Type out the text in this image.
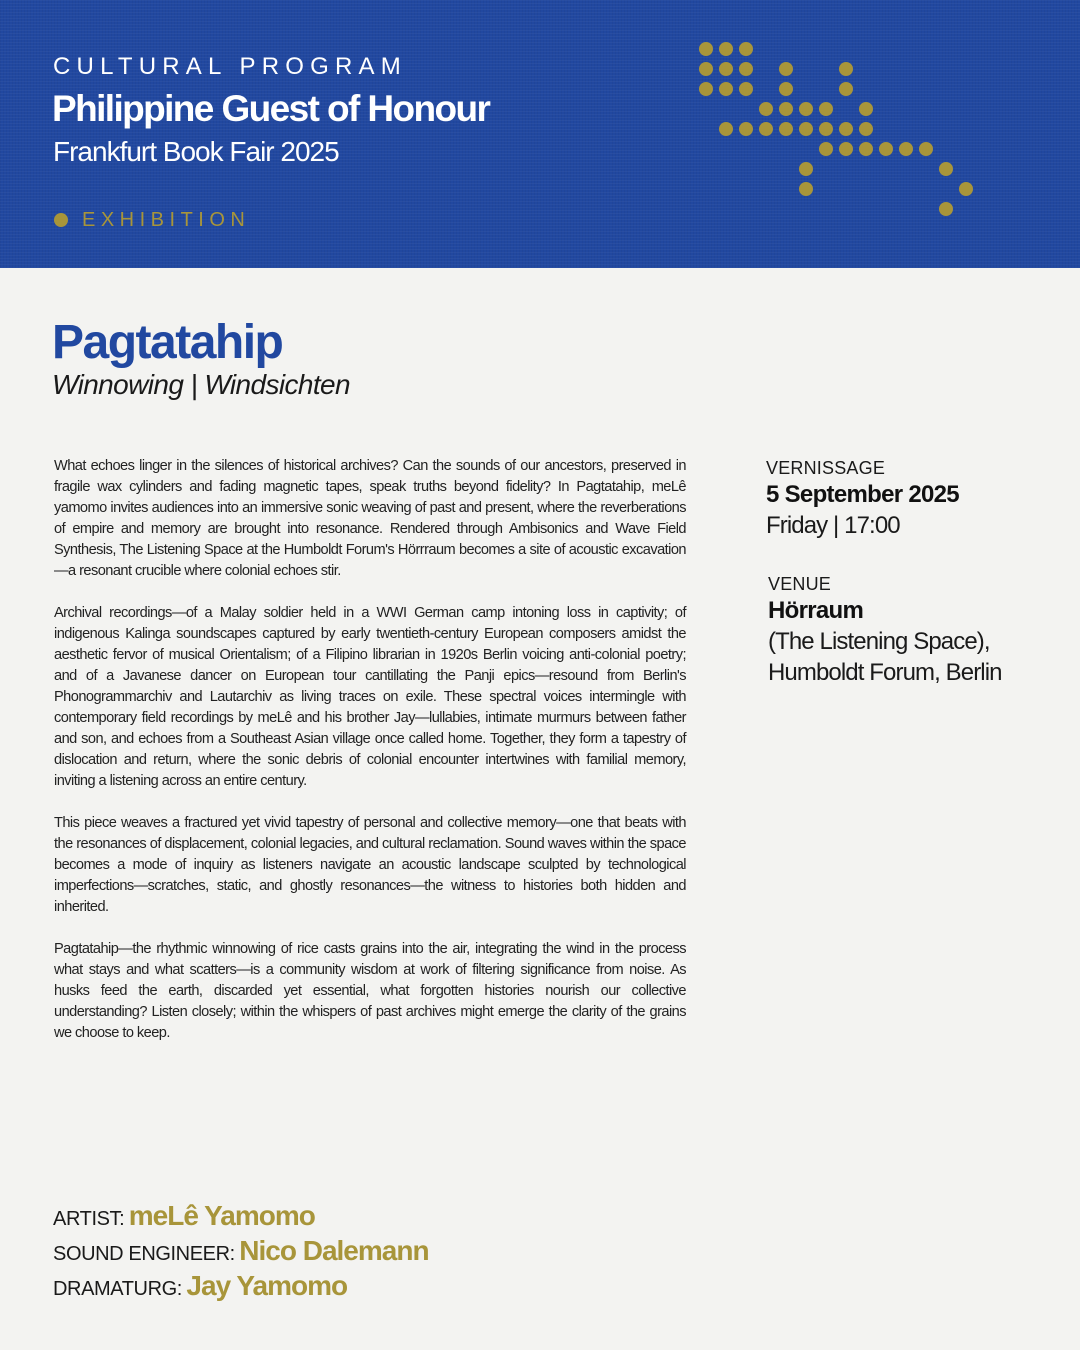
CULTURAL PROGRAM
Philippine Guest of Honour
Frankfurt Book Fair 2025
EXHIBITION
Pagtatahip
Winnowing | Windsichten

What echoes linger in the silences of historical archives? Can the sounds of our ancestors, preserved in fragile wax cylinders and fading magnetic tapes, speak truths beyond fidelity? In Pagtatahip, meLê yamomo invites audiences into an immersive sonic weaving of past and present, where the reverberations of empire and memory are brought into resonance. Rendered through Ambisonics and Wave Field Synthesis, The Listening Space at the Humboldt Forum's Hörrraum becomes a site of acoustic excavation—a resonant crucible where colonial echoes stir.

Archival recordings—of a Malay soldier held in a WWI German camp intoning loss in captivity; of indigenous Kalinga soundscapes captured by early twentieth-century European composers amidst the aesthetic fervor of musical Orientalism; of a Filipino librarian in 1920s Berlin voicing anti-colonial poetry; and of a Javanese dancer on European tour cantillating the Panji epics—resound from Berlin's Phonogrammarchiv and Lautarchiv as living traces on exile. These spectral voices intermingle with contemporary field recordings by meLê and his brother Jay—lullabies, intimate murmurs between father and son, and echoes from a Southeast Asian village once called home. Together, they form a tapestry of dislocation and return, where the sonic debris of colonial encounter intertwines with familial memory, inviting a listening across an entire century.

This piece weaves a fractured yet vivid tapestry of personal and collective memory—one that beats with the resonances of displacement, colonial legacies, and cultural reclamation. Sound waves within the space becomes a mode of inquiry as listeners navigate an acoustic landscape sculpted by technological imperfections—scratches, static, and ghostly resonances—the witness to histories both hidden and inherited.

Pagtatahip—the rhythmic winnowing of rice casts grains into the air, integrating the wind in the process what stays and what scatters—is a community wisdom at work of filtering significance from noise. As husks feed the earth, discarded yet essential, what forgotten histories nourish our collective understanding? Listen closely; within the whispers of past archives might emerge the clarity of the grains we choose to keep.

VERNISSAGE
5 September 2025
Friday | 17:00
VENUE
Hörraum
(The Listening Space),
Humboldt Forum, Berlin
ARTIST: meLê Yamomo
SOUND ENGINEER: Nico Dalemann
DRAMATURG: Jay Yamomo
